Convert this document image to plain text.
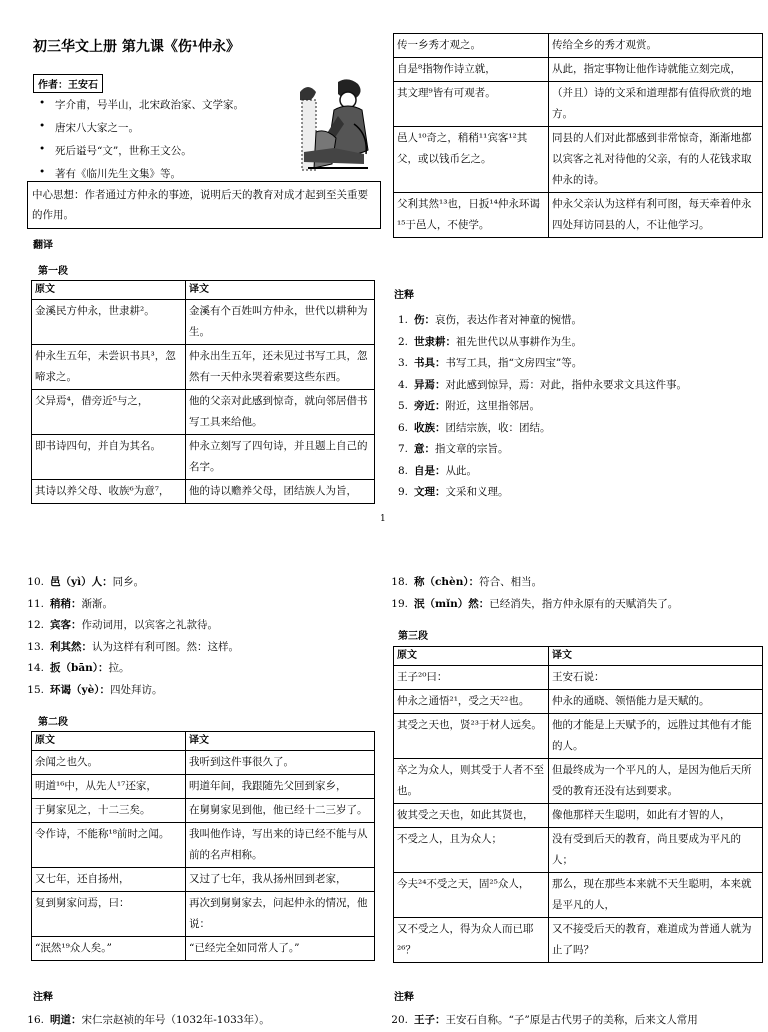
初三华文上册 第九课《伤¹仲永》
作者：王安石
• 字介甫，号半山，北宋政治家、文学家。
• 唐宋八大家之一。
• 死后谥号“文”，世称王文公。
• 著有《临川先生文集》等。
中心思想：作者通过方仲永的事迹，说明后天的教育对成才起到至关重要的作用。
翻译
第一段
原文	译文
金溪民方仲永，世隶耕²。	金溪有个百姓叫方仲永，世代以耕种为生。
仲永生五年，未尝识书具³，忽啼求之。	仲永出生五年，还未见过书写工具，忽然有一天仲永哭着索要这些东西。
父异焉⁴，借旁近⁵与之，	他的父亲对此感到惊奇，就向邻居借书写工具来给他。
即书诗四句，并自为其名。	仲永立刻写了四句诗，并且题上自己的名字。
其诗以养父母、收族⁶为意⁷，	他的诗以赡养父母，团结族人为旨，
传一乡秀才观之。	传给全乡的秀才观赏。
自是⁸指物作诗立就，	从此，指定事物让他作诗就能立刻完成，
其文理⁹皆有可观者。	（并且）诗的文采和道理都有值得欣赏的地方。
邑人¹⁰奇之，稍稍¹¹宾客¹²其父，或以钱币乞之。	同县的人们对此都感到非常惊奇，渐渐地都以宾客之礼对待他的父亲，有的人花钱求取仲永的诗。
父利其然¹³也，日扳¹⁴仲永环谒¹⁵于邑人，不使学。	仲永父亲认为这样有利可图，每天牵着仲永四处拜访同县的人，不让他学习。
注释
1. 伤：哀伤，表达作者对神童的惋惜。
2. 世隶耕：祖先世代以从事耕作为生。
3. 书具：书写工具，指“文房四宝”等。
4. 异焉：对此感到惊异，焉：对此，指仲永要求文具这件事。
5. 旁近：附近，这里指邻居。
6. 收族：团结宗族，收：团结。
7. 意：指文章的宗旨。
8. 自是：从此。
9. 文理：文采和义理。
1
10. 邑（yì）人：同乡。
11. 稍稍：渐渐。
12. 宾客：作动词用，以宾客之礼款待。
13. 利其然：认为这样有利可图。然：这样。
14. 扳（bān）：拉。
15. 环谒（yè）：四处拜访。
第二段
原文	译文
余闻之也久。	我听到这件事很久了。
明道¹⁶中，从先人¹⁷还家，	明道年间，我跟随先父回到家乡，
于舅家见之，十二三矣。	在舅舅家见到他，他已经十二三岁了。
令作诗，不能称¹⁸前时之闻。	我叫他作诗，写出来的诗已经不能与从前的名声相称。
又七年，还自扬州，	又过了七年，我从扬州回到老家，
复到舅家问焉，曰：	再次到舅舅家去，问起仲永的情况，他说：
“泯然¹⁹众人矣。”	“已经完全如同常人了。”
注释
16. 明道：宋仁宗赵祯的年号（1032年-1033年）。
18. 称（chèn）：符合、相当。
19. 泯（mǐn）然：已经消失，指方仲永原有的天赋消失了。
第三段
原文	译文
王子²⁰曰：	王安石说：
仲永之通悟²¹，受之天²²也。	仲永的通晓、领悟能力是天赋的。
其受之天也，贤²³于材人远矣。	他的才能是上天赋予的，远胜过其他有才能的人。
卒之为众人，则其受于人者不至也。	但最终成为一个平凡的人，是因为他后天所受的教育还没有达到要求。
彼其受之天也，如此其贤也，	像他那样天生聪明，如此有才智的人，
不受之人，且为众人；	没有受到后天的教育，尚且要成为平凡的人；
今夫²⁴不受之天，固²⁵众人，	那么，现在那些本来就不天生聪明，本来就是平凡的人，
又不受之人，得为众人而已耶²⁶？	又不接受后天的教育，难道成为普通人就为止了吗？
注释
20. 王子：王安石自称。“子”原是古代男子的美称，后来文人常用
